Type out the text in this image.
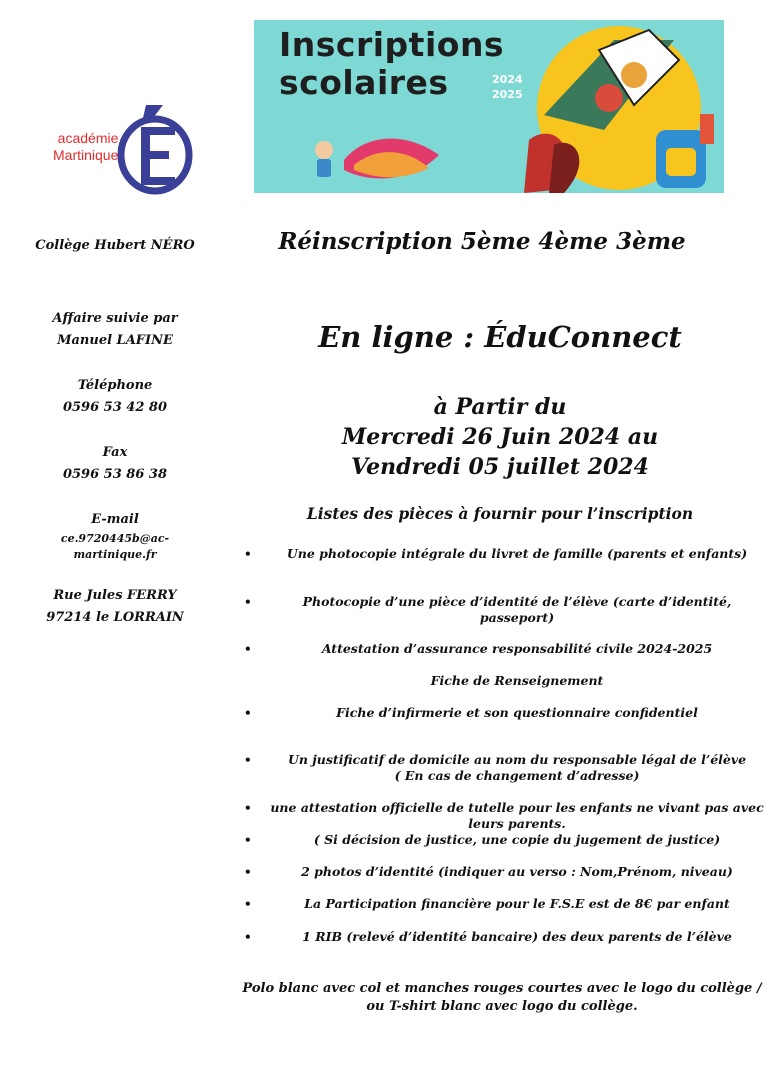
académie
Martinique
Inscriptions
scolaires	2024
2025
Collège Hubert NÉRO
Affaire suivie par
Manuel LAFINE
Téléphone
0596 53 42 80
Fax
0596 53 86 38
E-mail
ce.9720445b@ac-
martinique.fr
Rue Jules FERRY
97214 le LORRAIN
Réinscription 5ème 4ème 3ème
En ligne : ÉduConnect
à Partir du
Mercredi 26 Juin 2024 au
Vendredi 05 juillet 2024
Listes des pièces à fournir pour l’inscription
•	Une photocopie intégrale du livret de famille (parents et enfants)
•	Photocopie d’une pièce d’identité de l’élève (carte d’identité, passeport)
•	Attestation d’assurance responsabilité civile 2024-2025
Fiche de Renseignement
•	Fiche d’infirmerie et son questionnaire confidentiel
•	Un justificatif de domicile au nom du responsable légal de l’élève
( En cas de changement d’adresse)
•	une attestation officielle de tutelle pour les enfants ne vivant pas avec leurs parents.
•	( Si décision de justice, une copie du jugement de justice)
•	2 photos d’identité (indiquer au verso : Nom,Prénom, niveau)
•	La Participation financière pour le F.S.E est de 8€ par enfant
•	1 RIB (relevé d’identité bancaire) des deux parents de l’élève
Polo blanc avec col et manches rouges courtes avec le logo du collège / ou T-shirt blanc avec logo du collège.
